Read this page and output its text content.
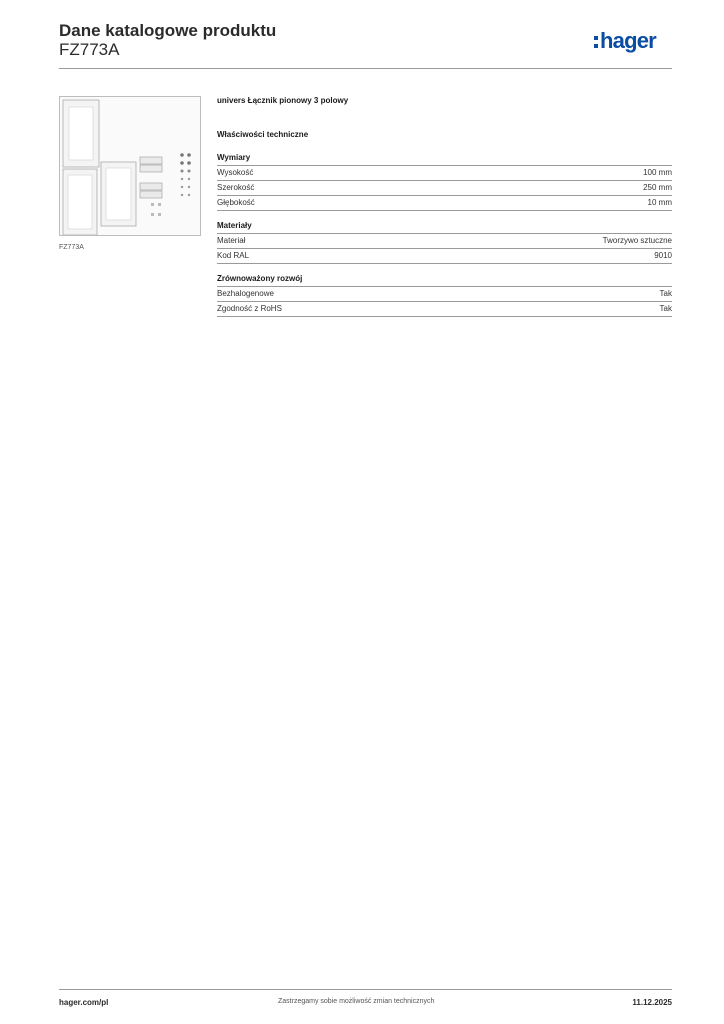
Dane katalogowe produktu
FZ773A	hager
FZ773A
univers Łącznik pionowy 3 polowy
Właściwości techniczne
Wymiary
Wysokość	100 mm
Szerokość	250 mm
Głębokość	10 mm
Materiały
Materiał	Tworzywo sztuczne
Kod RAL	9010
Zrównoważony rozwój
Bezhalogenowe	Tak
Zgodność z RoHS	Tak
hager.com/pl	Zastrzegamy sobie możliwość zmian technicznych	11.12.2025
